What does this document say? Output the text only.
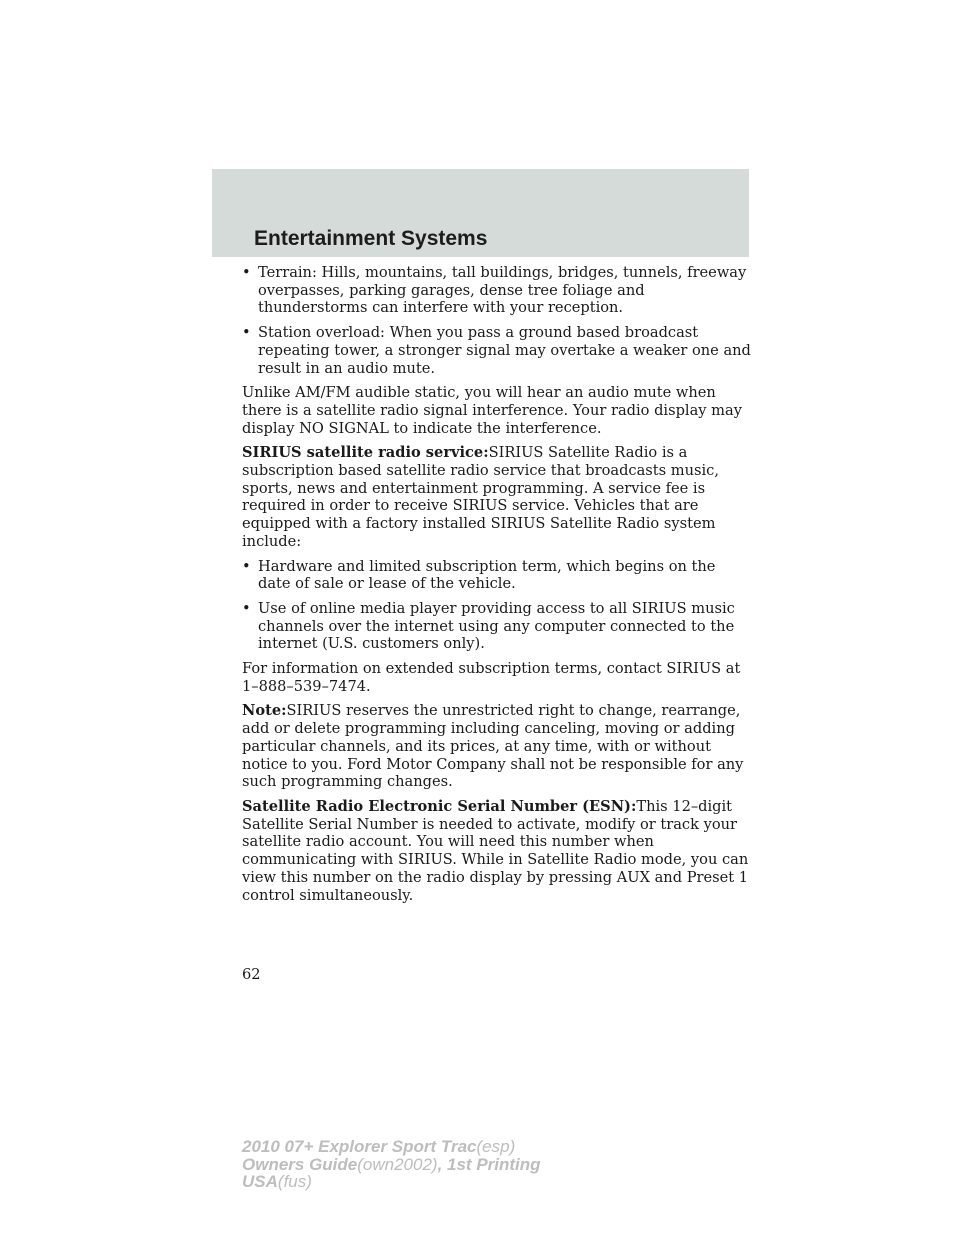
Entertainment Systems
• Terrain: Hills, mountains, tall buildings, bridges, tunnels, freeway overpasses, parking garages, dense tree foliage and thunderstorms can interfere with your reception.
• Station overload: When you pass a ground based broadcast repeating tower, a stronger signal may overtake a weaker one and result in an audio mute.

Unlike AM/FM audible static, you will hear an audio mute when there is a satellite radio signal interference. Your radio display may display NO SIGNAL to indicate the interference.

SIRIUS satellite radio service:SIRIUS Satellite Radio is a subscription based satellite radio service that broadcasts music, sports, news and entertainment programming. A service fee is required in order to receive SIRIUS service. Vehicles that are equipped with a factory installed SIRIUS Satellite Radio system include:

• Hardware and limited subscription term, which begins on the date of sale or lease of the vehicle.
• Use of online media player providing access to all SIRIUS music channels over the internet using any computer connected to the internet (U.S. customers only).

For information on extended subscription terms, contact SIRIUS at 1–888–539–7474.

Note:SIRIUS reserves the unrestricted right to change, rearrange, add or delete programming including canceling, moving or adding particular channels, and its prices, at any time, with or without notice to you. Ford Motor Company shall not be responsible for any such programming changes.

Satellite Radio Electronic Serial Number (ESN):This 12–digit Satellite Serial Number is needed to activate, modify or track your satellite radio account. You will need this number when communicating with SIRIUS. While in Satellite Radio mode, you can view this number on the radio display by pressing AUX and Preset 1 control simultaneously.

62
2010 07+ Explorer Sport Trac(esp)
Owners Guide(own2002), 1st Printing
USA(fus)
